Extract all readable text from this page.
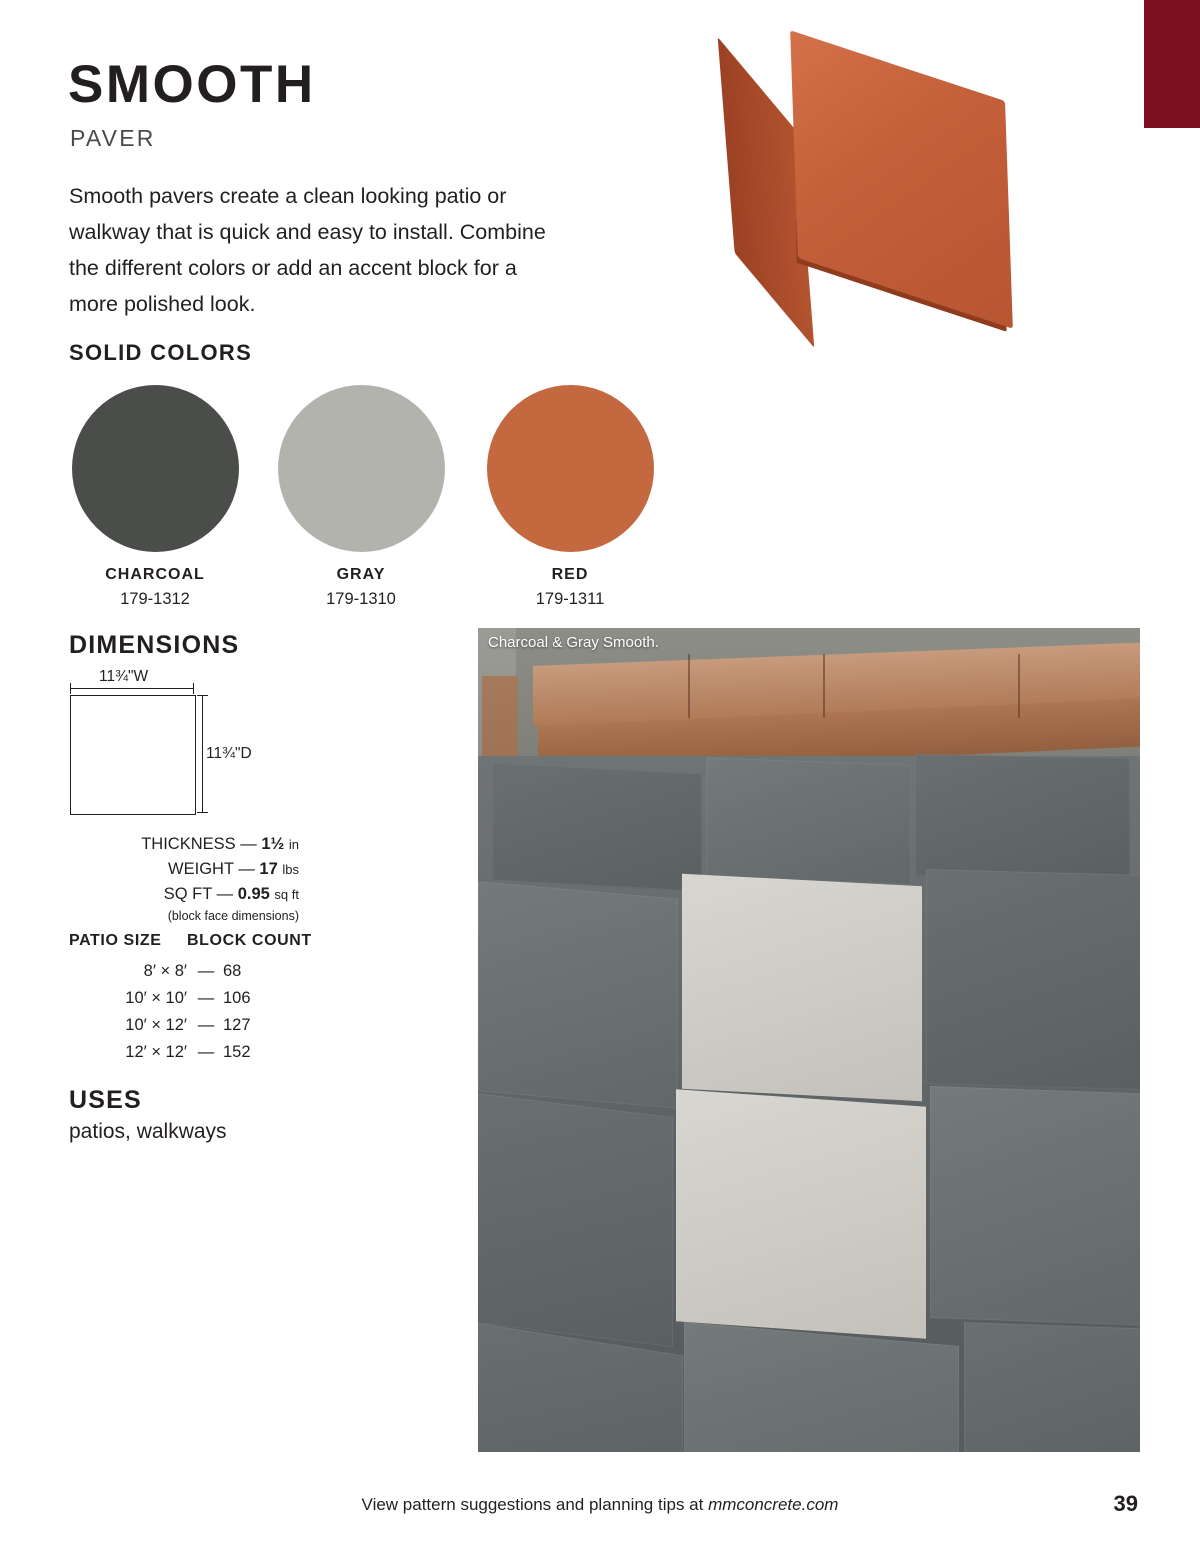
SMOOTH
PAVER
Smooth pavers create a clean looking patio or walkway that is quick and easy to install. Combine the different colors or add an accent block for a more polished look.
SOLID COLORS
CHARCOAL
179-1312
GRAY
179-1310
RED
179-1311
DIMENSIONS
11¾"W
11¾"D
THICKNESS — 1½ in
WEIGHT — 17 lbs
SQ FT — 0.95 sq ft
(block face dimensions)
PATIO SIZE	BLOCK COUNT
8′ × 8′ — 68
10′ × 10′ — 106
10′ × 12′ — 127
12′ × 12′ — 152
USES
patios, walkways
Charcoal & Gray Smooth.
View pattern suggestions and planning tips at mmconcrete.com	39
